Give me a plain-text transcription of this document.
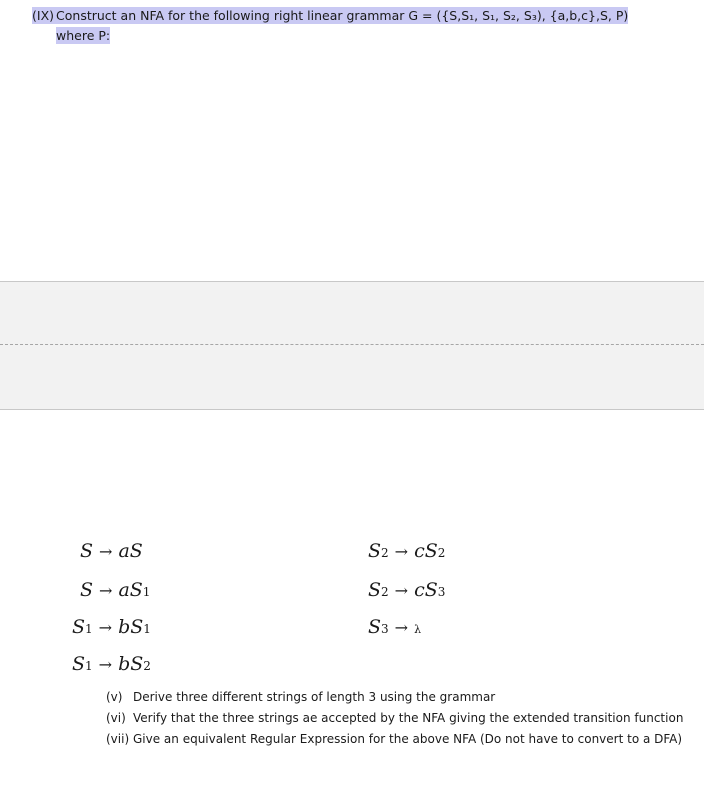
(IX) Construct an NFA for the following right linear grammar G = ({S,S₁, S₁, S₂, S₃), {a,b,c},S, P)
where P:
S → aS
S → aS 1
S 1 → bS 1
S 1 → bS 2
S 2 → cS 2
S 2 → cS 3
S 3 → λ
(v) Derive three different strings of length 3 using the grammar
(vi) Verify that the three strings ae accepted by the NFA giving the extended transition function
(vii) Give an equivalent Regular Expression for the above NFA (Do not have to convert to a DFA)
